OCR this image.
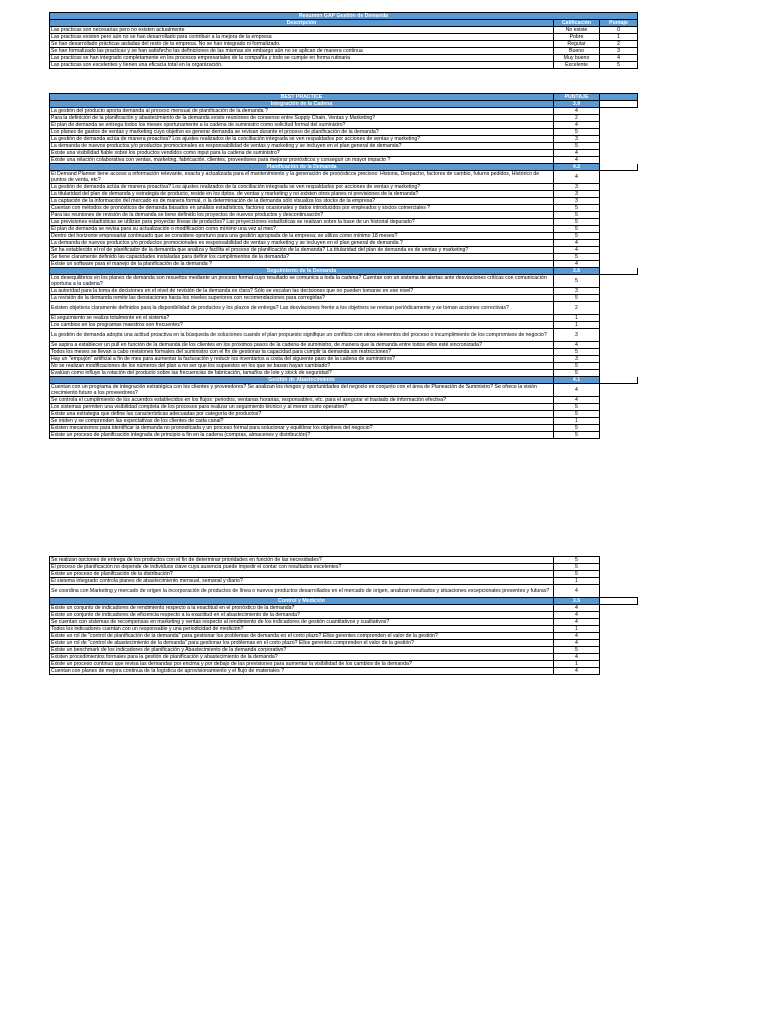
Resumen GAP Gestión de Demanda		
Descripción	Calificación	Puntaje
Las practicas son necesarias pero no existen actualmente	No existe	0
Las practicas existen pero aún no se han desarrollado para contribuir a la mejora de la empresa	Pobre	1
Se han desarrollado prácticas aisladas del resto de la empresa. No se han integrado ni formalizado.	Regular	2
Se han formalizado las practicas y se han satisfecho las definiciones de las mismas sin embargo aún no se aplican de manera continua	Bueno	3
Las practicas se han integrado completamente en los procesos empresariales de la compañía y todo se cumple en forma rutinaria	Muy bueno	4
Las practicas son excelentes y tienen una eficacia total en la organización.	Excelente	5
BEST PRACTICE	PUNTAJE	
Integración de la Cadena	3.9	
La gestión del producto aporta demanda al proceso mensual de planificación de la demanda ?	4	
Para la definición de la planificación y abastecimiento de la demanda existe reuniones de consenso entre Supply Chain, Ventas y Marketing?	2	
El plan de demanda se entrega todos los meses oportunamente a la cadena de suministro como solicitud formal del suministro?	4	
Los planes de gastos de ventas y marketing cuyo objetivo es generar demanda se revisan durante el proceso de planificación de la demanda?	5	
La gestión de demanda actúa de manera proactiva? Los ajustes realizados de la conciliación integrada se ven respaldados por acciones de ventas y marketing?	3	
La demanda de nuevos productos y/o productos promocionales es responsabilidad de ventas y marketing y se incluyen en el plan general de demanda?	5	
Existe una visibilidad fiable sobre los productos vendidos como input para la cadena de suministro?	4	
Existe una relación colaborativa con ventas, marketing, fabricación, clientes, proveedores para mejorar pronósticos y conseguir un mayor impacto ?	4	
Planificación de la Demanda	4.2	
El Demand Planner tiene acceso a información relevante, exacta y actualizada para el mantenimiento y la generación de pronósticos precisos: Historia, Despacho, factores de cambio, futuros pedidos, Histórico de puntos de venta, etc?	4	
La gestión de demanda actúa de manera proactiva? Los ajustes realizados de la conciliación integrada se ven respaldados por acciones de ventas y marketing?	3	
La titularidad del plan de demanda y estrategia de producto, reside en los dptos. de ventas y marketing y no existen otros planes ni previsiones de la demanda?	3	
La captación de la información del mercado es de manera formal, o la determinación de la demanda sólo visualiza los stocks de la empresa?	3	
Cuentan con métodos de pronósticos de demanda basados en análisis estadísticos, factores ocasionales y datos introducidos por empleados y socios comerciales ?	5	
Para las reuniones de revisión de la demanda se tiene definido los proyectos de nuevos productos y descontinuación?	5	
Las previsiones estadísticas se utilizan para proyectar líneas de productos? Las proyecciones estadísticas se realizan sobre la base de un historial depurado?	5	
El plan de demanda se revisa para su actualización o modificación como mínimo una vez al mes?	5	
Dentro del horizonte empresarial continuado que se considere oportuno para una gestión apropiada de la empresa; se utiliza como mínimo 18 meses?	5	
La demanda de nuevos productos y/o productos promocionales es responsabilidad de ventas y marketing y se incluyen en el plan general de demanda ?	4	
Se ha establecido el rol de planificador de la demanda que analiza y facilita el proceso de planificación de la demanda? La titularidad del plan de demanda es de ventas y marketing?	4	
Se tiene claramente definido las capacidades instaladas para definir los cumplimientos de la demanda?	5	
Existe un software para el manejo de la planificación de la demanda ?	4	
Seguimiento de la Demanda	3.6	
Los desequilibrios en los planes de demanda son resueltos mediante un proceso formal cuyo resultado se comunica a toda la cadena? Cuentan con un sistema de alertas ante desviaciones críticas con comunicación oportuna a la cadena?	5	
La autoridad para la toma de decisiones en el nivel de revisión de la demanda es clara? Sólo se escalan las decisiones que no pueden tomarse en ese nivel?	3	
La revisión de la demanda remite las desviaciones hacia los niveles superiores con recomendaciones para corregirlas?	5	
Existen objetivos claramente definidos para la disponibilidad de productos y los plazos de entrega? Las desviaciones frente a los objetivos se revisan periódicamente y se toman acciones correctivas?	2	
El seguimiento se realiza totalmente en el sistema?	1	
Los cambios en los programas maestros son frecuentes?	1	
La gestión de demanda adopta una actitud proactiva en la búsqueda de soluciones cuando el plan propuesto signifique un conflicto con otros elementos del proceso o incumplimiento de los compromisos de negocio?	3	
Se aspira a establecer un pull en función de la demanda de los clientes en los próximos pasos de la cadena de suministro, de manera que la demanda entre todos ellos esté sincronizada?	4	
Todos los meses se llevan a cabo revisiones formales del suministro con el fin de gestionar la capacidad para cumplir la demanda sin restricciones?	5	
Hay un "empujón" artificial a fin de mes para aumentar la facturación y reducir los inventarios a costa del siguiente paso de la cadena de suministros?	3	
No se realizan modificaciones de los números del plan a no ser que los supuestos en los que se basan hayan cambiado?	5	
Evalúan como influye la rotación del producto sobre las frecuencias de fabricación, tamaños de lote y stock de seguridad?	5	
Gestión de Abastecimiento	4.1	
Cuentan con un programa de integración estratégica con los clientes y proveedores? Se analizan los riesgos y oportunidades del negocio en conjunto con el área de Planeación de Suministro? Se ofrece la visión crecimiento futuro a los proveedores?	4	
Se controla el cumplimiento de los acuerdos establecidos en los flujos: periodos, ventanas horarias, responsables, etc. para el asegurar el traslado de información efectiva?	4	
Los sistemas permiten una visibilidad completa de los procesos para realizar un seguimiento técnico y al menor costo operativo?	5	
Existe una estrategia que define las características adecuadas por categoría de productos?	5	
Se miden y se comprenden las expectativas de los clientes de cada canal?	1	
Existen mecanismos para identificar la demanda no pronosticada y un proceso formal para solucionar y equilibrar los objetivos del negocio?	5	
Existe un proceso de planificación integrada de principio a fin en la cadena (compras, almacenes y distribución)?	5	
Se realizan opciones de entrega de los productos con el fin de determinar prioridades en función de las necesidades?	5	
El proceso de planificación no depende de individuos clave cuya ausencia puede impedir el contar con resultados excelentes?	5	
Existe un proceso de planificación de la distribución?	5	
El sistema integrado controla planes de abastecimiento mensual, semanal y diario?	1	
Se coordina con Marketing y mercado de origen la incorporación de productos de línea o nuevos productos desarrollados en el mercado de origen, analizan resultados y situaciones excepcionales presentes y futuras?	4	
Control y Medición	3.5	
Existe un conjunto de indicadores de rendimiento respecto a la exactitud en el pronóstico de la demanda?	4	
Existe un conjunto de indicadores de eficiencia respecto a la exactitud en el abastecimiento de la demanda?	4	
Se cuentan con sistemas de recompensas en marketing y ventas respecto al rendimiento de los indicadores de gestión cuantitativos y cualitativos?	4	
Todos los indicadores cuentan con un responsable y una periodicidad de medición?	1	
Existe un rol de "control de planificación de la demanda" para gestionar los problemas de demanda en el corto plazo? Ellos gerentes comprenden el valor de la gestión?	4	
Existe un rol de "control de abastecimiento de la demanda" para gestionar los problemas en el corto plazo? Ellos gerentes comprenden el valor de la gestión?	4	
Existe un benchmark de los indicadores de planificación y Abastecimiento de la demanda corporativo?	5	
Existen procedimientos formales para la gestión de planificación y abastecimiento de la demanda?	4	
Existe un proceso continuo que revisa las demandas por encima y por debajo de las previsiones para aumentar la visibilidad de los cambios de la demanda?	1	
Cuentan con planes de mejora continua de la logística de aprovisionamiento y el flujo de materiales ?	4	
